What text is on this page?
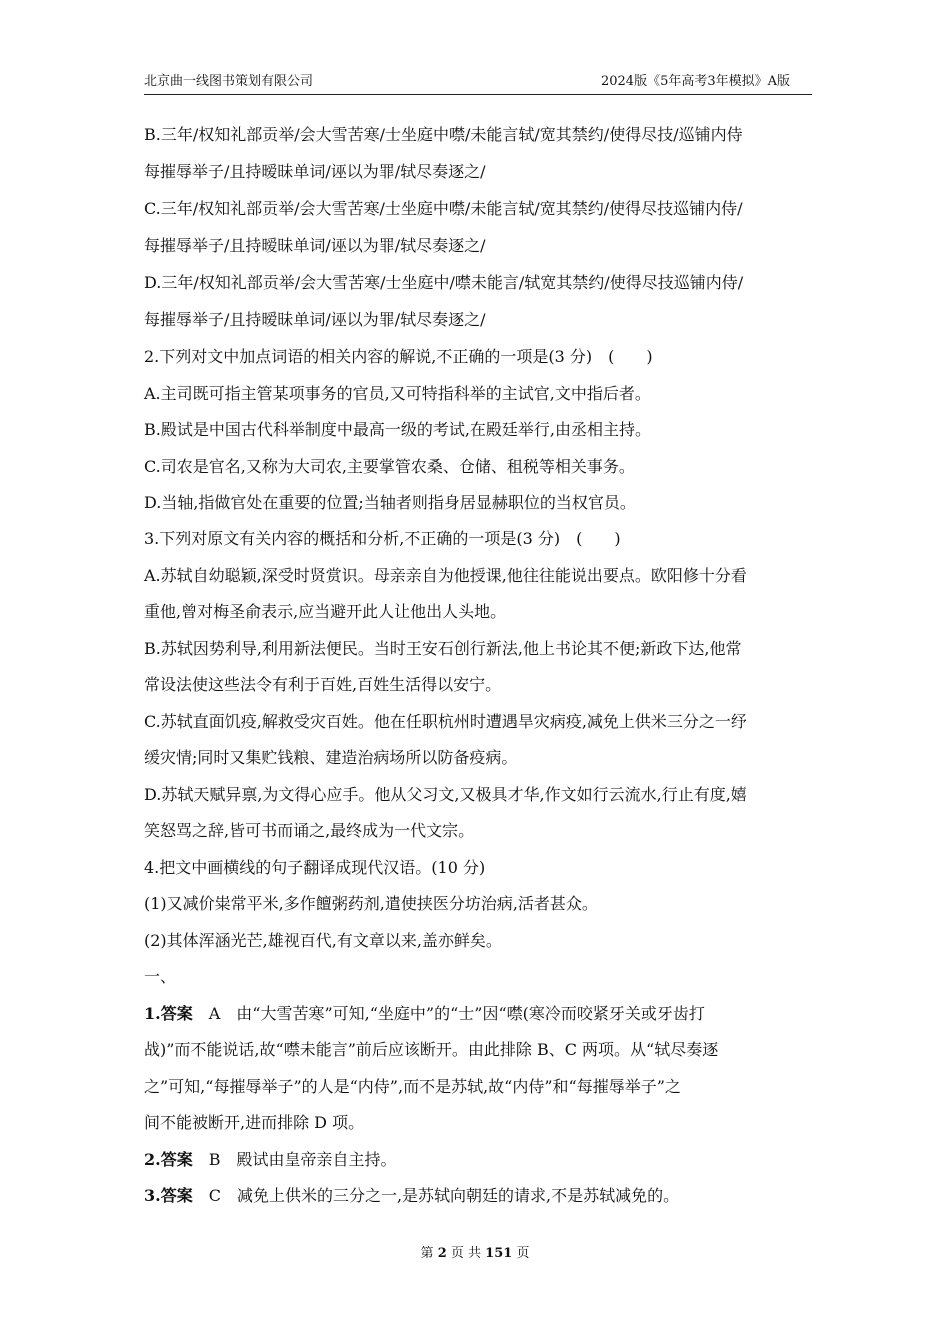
北京曲一线图书策划有限公司	2024版《5年高考3年模拟》A版
B.三年/权知礼部贡举/会大雪苦寒/士坐庭中噤/未能言轼/宽其禁约/使得尽技/巡铺内侍
每摧辱举子/且持暧昧单词/诬以为罪/轼尽奏逐之/
C.三年/权知礼部贡举/会大雪苦寒/士坐庭中噤/未能言轼/宽其禁约/使得尽技巡铺内侍/
每摧辱举子/且持暧昧单词/诬以为罪/轼尽奏逐之/
D.三年/权知礼部贡举/会大雪苦寒/士坐庭中/噤未能言/轼宽其禁约/使得尽技巡铺内侍/
每摧辱举子/且持暧昧单词/诬以为罪/轼尽奏逐之/
2.下列对文中加点词语的相关内容的解说,不正确的一项是(3 分)　(　　)
A.主司既可指主管某项事务的官员,又可特指科举的主试官,文中指后者。
B.殿试是中国古代科举制度中最高一级的考试,在殿廷举行,由丞相主持。
C.司农是官名,又称为大司农,主要掌管农桑、仓储、租税等相关事务。
D.当轴,指做官处在重要的位置;当轴者则指身居显赫职位的当权官员。
3.下列对原文有关内容的概括和分析,不正确的一项是(3 分)　(　　)
A.苏轼自幼聪颖,深受时贤赏识。母亲亲自为他授课,他往往能说出要点。欧阳修十分看
重他,曾对梅圣俞表示,应当避开此人让他出人头地。
B.苏轼因势利导,利用新法便民。当时王安石创行新法,他上书论其不便;新政下达,他常
常设法使这些法令有利于百姓,百姓生活得以安宁。
C.苏轼直面饥疫,解救受灾百姓。他在任职杭州时遭遇旱灾病疫,减免上供米三分之一纾
缓灾情;同时又集贮钱粮、建造治病场所以防备疫病。
D.苏轼天赋异禀,为文得心应手。他从父习文,又极具才华,作文如行云流水,行止有度,嬉
笑怒骂之辞,皆可书而诵之,最终成为一代文宗。
4.把文中画横线的句子翻译成现代汉语。(10 分)
(1)又减价粜常平米,多作饘粥药剂,遣使挟医分坊治病,活者甚众。
(2)其体浑涵光芒,雄视百代,有文章以来,盖亦鲜矣。
一、
1.答案　A　由“大雪苦寒”可知,“坐庭中”的“士”因“噤(寒冷而咬紧牙关或牙齿打
战)”而不能说话,故“噤未能言”前后应该断开。由此排除 B、C 两项。从“轼尽奏逐
之”可知,“每摧辱举子”的人是“内侍”,而不是苏轼,故“内侍”和“每摧辱举子”之
间不能被断开,进而排除 D 项。
2.答案　B　殿试由皇帝亲自主持。
3.答案　C　减免上供米的三分之一,是苏轼向朝廷的请求,不是苏轼减免的。
第 2 页 共 151 页
